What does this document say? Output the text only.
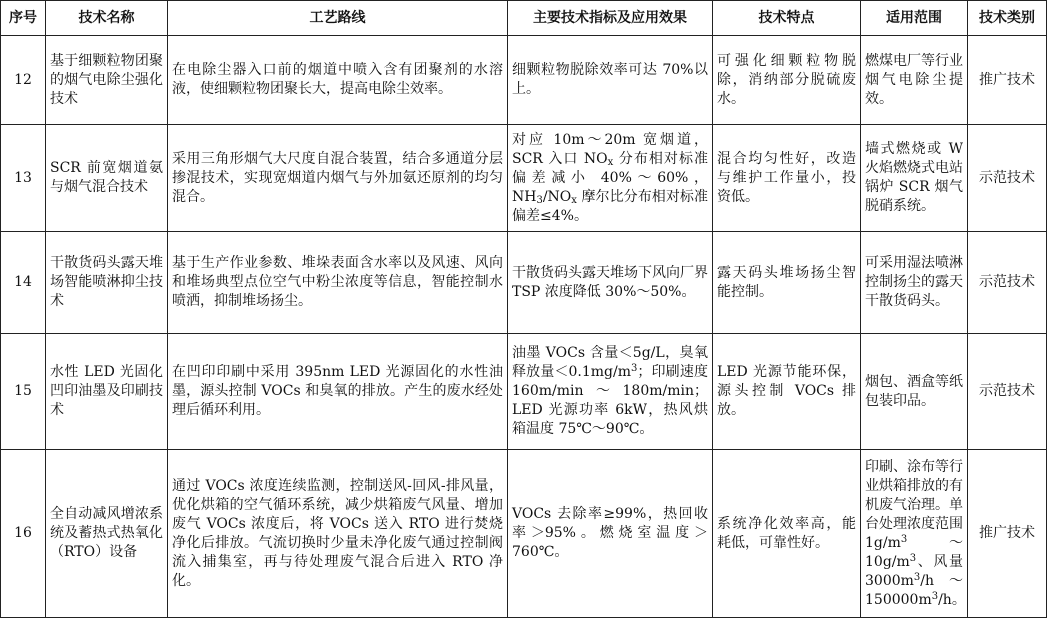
序号	技术名称	工艺路线	主要技术指标及应用效果	技术特点	适用范围	技术类别
12	基于细颗粒物团聚的烟气电除尘强化技术	在电除尘器入口前的烟道中喷入含有团聚剂的水溶液，使细颗粒物团聚长大，提高电除尘效率。	细颗粒物脱除效率可达 70%以上。	可强化细颗粒物脱除，消纳部分脱硫废水。	燃煤电厂等行业烟气电除尘提效。	推广技术
13	SCR 前宽烟道氨与烟气混合技术	采用三角形烟气大尺度自混合装置，结合多通道分层掺混技术，实现宽烟道内烟气与外加氨还原剂的均匀混合。	对应 10m～20m 宽烟道，SCR 入口 $NO_x$ 分布相对标准偏差减小 40%～60%，$NH_3/NO_x$ 摩尔比分布相对标准偏差≤4%。	混合均匀性好，改造与维护工作量小，投资低。	墙式燃烧或 W 火焰燃烧式电站锅炉 SCR 烟气脱硝系统。	示范技术
14	干散货码头露天堆场智能喷淋抑尘技术	基于生产作业参数、堆垛表面含水率以及风速、风向和堆场典型点位空气中粉尘浓度等信息，智能控制水喷洒，抑制堆场扬尘。	干散货码头露天堆场下风向厂界 TSP 浓度降低 30%～50%。	露天码头堆场扬尘智能控制。	可采用湿法喷淋控制扬尘的露天干散货码头。	示范技术
15	水性 LED 光固化凹印油墨及印刷技术	在凹印印刷中采用 395nm LED 光源固化的水性油墨，源头控制 VOCs 和臭氧的排放。产生的废水经处理后循环利用。	油墨 VOCs 含量＜5g/L，臭氧释放量$<0.1mg/m^3$；印刷速度 160m/min～180m/min；LED 光源功率 6kW，热风烘箱温度 75℃～90℃。	LED 光源节能环保，源头控制 VOCs 排放。	烟包、酒盒等纸包装印品。	示范技术
16	全自动减风增浓系统及蓄热式热氧化（RTO）设备	通过 VOCs 浓度连续监测，控制送风-回风-排风量，优化烘箱的空气循环系统，减少烘箱废气风量、增加废气 VOCs 浓度后，将 VOCs 送入 RTO 进行焚烧净化后排放。气流切换时少量未净化废气通过控制阀流入捕集室，再与待处理废气混合后进入 RTO 净化。	VOCs 去除率≥99%，热回收率＞95%。燃烧室温度＞760℃。	系统净化效率高，能耗低，可靠性好。	印刷、涂布等行业烘箱排放的有机废气治理。单台处理浓度范围 $1g/m^3\sim 10g/m^3$、风量 $3000m^3/h\sim 150000m^3/h$。	推广技术
